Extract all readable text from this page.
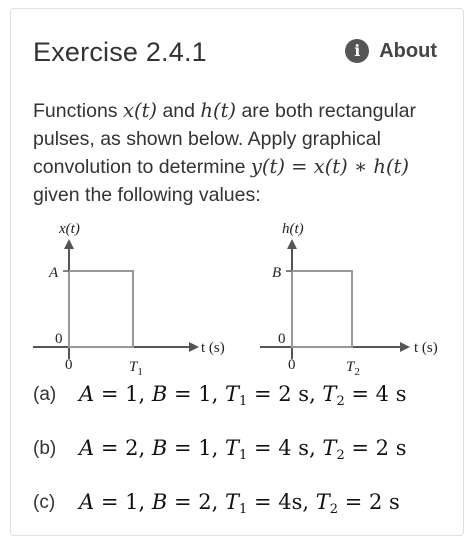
Exercise 2.4.1	i About
Functions x(t) and h(t) are both rectangular pulses, as shown below. Apply graphical convolution to determine y(t) = x(t) ∗ h(t) given the following values:
x(t)
A
0
0	$T_1$
t (s)
h(t)
B
0
0	$T_2$
t (s)
(a)	A = 1, B = 1, $T_1 = 2$ s, $T_2 = 4$ s
(b)	A = 2, B = 1, $T_1 = 4$ s, $T_2 = 2$ s
(c)	A = 1, B = 2, $T_1 = 4s$, $T_2 = 2$ s
